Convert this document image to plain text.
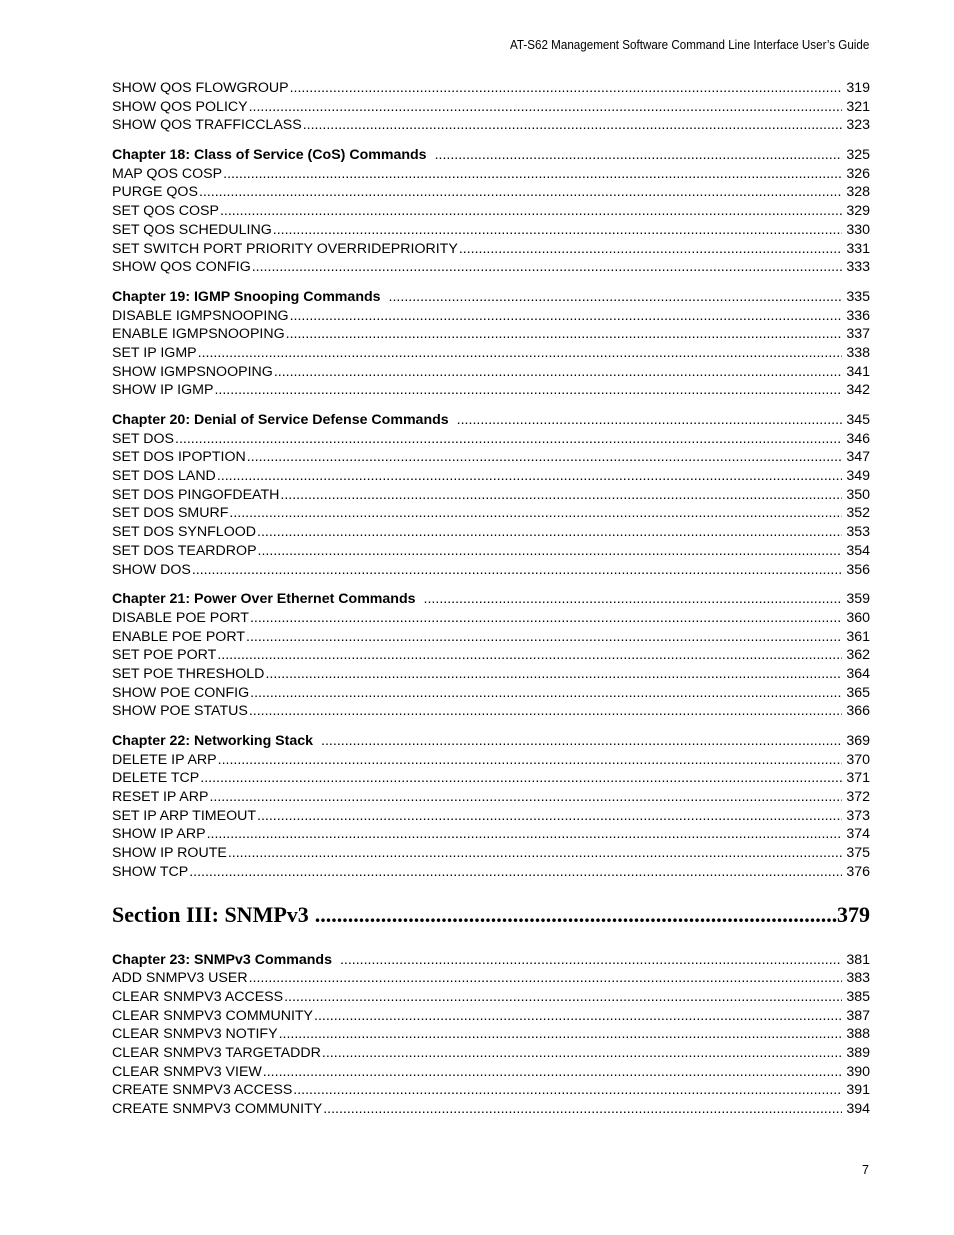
AT-S62 Management Software Command Line Interface User’s Guide
SHOW QOS FLOWGROUP .....	319
SHOW QOS POLICY .....	321
SHOW QOS TRAFFICCLASS .....	323
Chapter 18: Class of Service (CoS) Commands .....	325
MAP QOS COSP .....	326
PURGE QOS .....	328
SET QOS COSP .....	329
SET QOS SCHEDULING .....	330
SET SWITCH PORT PRIORITY OVERRIDEPRIORITY .....	331
SHOW QOS CONFIG .....	333
Chapter 19: IGMP Snooping Commands .....	335
DISABLE IGMPSNOOPING .....	336
ENABLE IGMPSNOOPING .....	337
SET IP IGMP .....	338
SHOW IGMPSNOOPING .....	341
SHOW IP IGMP .....	342
Chapter 20: Denial of Service Defense Commands .....	345
SET DOS .....	346
SET DOS IPOPTION .....	347
SET DOS LAND .....	349
SET DOS PINGOFDEATH .....	350
SET DOS SMURF .....	352
SET DOS SYNFLOOD .....	353
SET DOS TEARDROP .....	354
SHOW DOS .....	356
Chapter 21: Power Over Ethernet Commands .....	359
DISABLE POE PORT .....	360
ENABLE POE PORT .....	361
SET POE PORT .....	362
SET POE THRESHOLD .....	364
SHOW POE CONFIG .....	365
SHOW POE STATUS .....	366
Chapter 22: Networking Stack .....	369
DELETE IP ARP .....	370
DELETE TCP .....	371
RESET IP ARP .....	372
SET IP ARP TIMEOUT .....	373
SHOW IP ARP .....	374
SHOW IP ROUTE .....	375
SHOW TCP .....	376
Section III: SNMPv3 .....	379
Chapter 23: SNMPv3 Commands .....	381
ADD SNMPV3 USER .....	383
CLEAR SNMPV3 ACCESS .....	385
CLEAR SNMPV3 COMMUNITY .....	387
CLEAR SNMPV3 NOTIFY .....	388
CLEAR SNMPV3 TARGETADDR .....	389
CLEAR SNMPV3 VIEW .....	390
CREATE SNMPV3 ACCESS .....	391
CREATE SNMPV3 COMMUNITY .....	394
7
